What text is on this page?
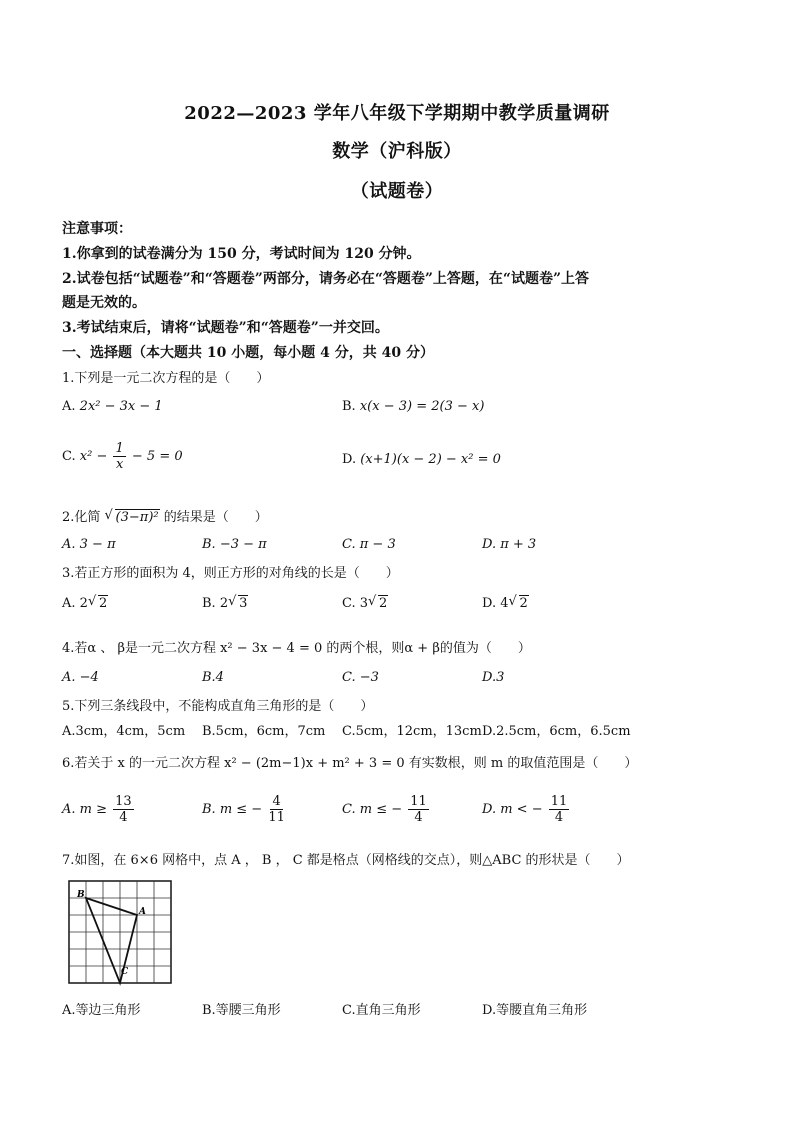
2022—2023 学年八年级下学期期中教学质量调研
数学（沪科版）
（试题卷）
注意事项：
1.你拿到的试卷满分为 150 分，考试时间为 120 分钟。
2.试卷包括“试题卷”和“答题卷”两部分，请务必在“答题卷”上答题，在“试题卷”上答
题是无效的。
3.考试结束后，请将“试题卷”和“答题卷”一并交回。
一、选择题（本大题共 10 小题，每小题 4 分，共 40 分）
1.下列是一元二次方程的是（　　）
A. 2x² − 3x − 1	B. x(x − 3) = 2(3 − x)
C. $x^2 - \frac{1}{x} - 5 = 0$	D. (x+1)(x − 2) − x² = 0
2.化简 √ (3−π)² 的结果是（　　）
A. 3 − π	B. −3 − π	C. π − 3	D. π + 3
3.若正方形的面积为 4，则正方形的对角线的长是（　　）
A. 2 √ 2	B. 2 √ 3	C. 3 √ 2	D. 4 √ 2
4.若α 、 β是一元二次方程 x² − 3x − 4 = 0 的两个根，则α + β的值为（　　）
A. −4	B.4	C. −3	D.3
5.下列三条线段中，不能构成直角三角形的是（　　）
A.3cm，4cm，5cm B.5cm，6cm，7cm C.5cm，12cm，13cm D.2.5cm，6cm，6.5cm
6.若关于 x 的一元二次方程 x² − (2m−1)x + m² + 3 = 0 有实数根，则 m 的取值范围是（　　）
A. $m \ge \frac{13}{4}$	B. m ≤ − $\frac{4}{11}$	C. m ≤ − $\frac{11}{4}$	D. m < − $\frac{11}{4}$
7.如图，在 6×6 网格中，点 A ， B ， C 都是格点（网格线的交点），则△ABC 的形状是（　　）
B
A
C
A.等边三角形	B.等腰三角形	C.直角三角形	D.等腰直角三角形
